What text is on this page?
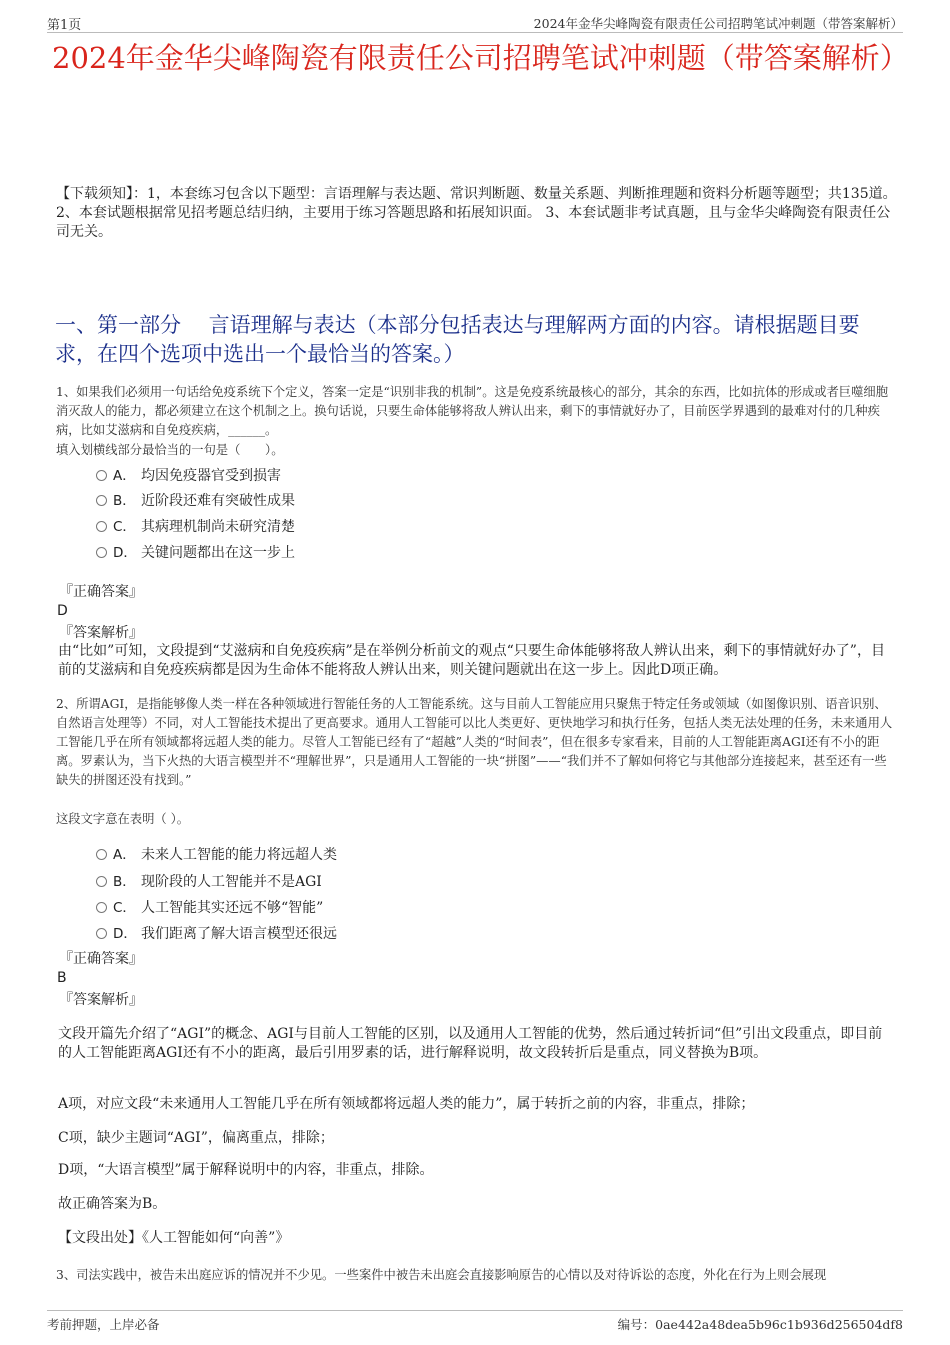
第1页	2024年金华尖峰陶瓷有限责任公司招聘笔试冲刺题（带答案解析）
2024年金华尖峰陶瓷有限责任公司招聘笔试冲刺题（带答案解析）
【下载须知】：1，本套练习包含以下题型：言语理解与表达题、常识判断题、数量关系题、判断推理题和资料分析题等题型；共135道。 2、本套试题根据常见招考题总结归纳，主要用于练习答题思路和拓展知识面。 3、本套试题非考试真题，且与金华尖峰陶瓷有限责任公司无关。
一、第一部分　 言语理解与表达（本部分包括表达与理解两方面的内容。请根据题目要求，在四个选项中选出一个最恰当的答案。）
1、如果我们必须用一句话给免疫系统下个定义，答案一定是“识别非我的机制”。这是免疫系统最核心的部分，其余的东西，比如抗体的形成或者巨噬细胞消灭敌人的能力，都必须建立在这个机制之上。换句话说，只要生命体能够将敌人辨认出来，剩下的事情就好办了，目前医学界遇到的最难对付的几种疾病，比如艾滋病和自免疫疾病，______。
填入划横线部分最恰当的一句是（　　）。
A． 均因免疫器官受到损害
B． 近阶段还难有突破性成果
C． 其病理机制尚未研究清楚
D． 关键问题都出在这一步上
『正确答案』
D
『答案解析』
由“比如”可知，文段提到“艾滋病和自免疫疾病”是在举例分析前文的观点“只要生命体能够将敌人辨认出来，剩下的事情就好办了”，目前的艾滋病和自免疫疾病都是因为生命体不能将敌人辨认出来，则关键问题就出在这一步上。因此D项正确。
2、所谓AGI，是指能够像人类一样在各种领域进行智能任务的人工智能系统。这与目前人工智能应用只聚焦于特定任务或领域（如图像识别、语音识别、自然语言处理等）不同，对人工智能技术提出了更高要求。通用人工智能可以比人类更好、更快地学习和执行任务，包括人类无法处理的任务，未来通用人工智能几乎在所有领域都将远超人类的能力。尽管人工智能已经有了“超越”人类的“时间表”，但在很多专家看来，目前的人工智能距离AGI还有不小的距离。罗素认为，当下火热的大语言模型并不“理解世界”，只是通用人工智能的一块“拼图”——“我们并不了解如何将它与其他部分连接起来，甚至还有一些缺失的拼图还没有找到。”
这段文字意在表明（ ）。
A． 未来人工智能的能力将远超人类
B． 现阶段的人工智能并不是AGI
C． 人工智能其实还远不够“智能”
D． 我们距离了解大语言模型还很远
『正确答案』
B
『答案解析』
文段开篇先介绍了“AGI”的概念、AGI与目前人工智能的区别，以及通用人工智能的优势，然后通过转折词“但”引出文段重点，即目前的人工智能距离AGI还有不小的距离，最后引用罗素的话，进行解释说明，故文段转折后是重点，同义替换为B项。
A项，对应文段“未来通用人工智能几乎在所有领域都将远超人类的能力”，属于转折之前的内容，非重点，排除；
C项，缺少主题词“AGI”，偏离重点，排除；
D项，“大语言模型”属于解释说明中的内容，非重点，排除。
故正确答案为B。
【文段出处】《人工智能如何“向善”》
3、司法实践中，被告未出庭应诉的情况并不少见。一些案件中被告未出庭会直接影响原告的心情以及对待诉讼的态度，外化在行为上则会展现
考前押题，上岸必备	编号：0ae442a48dea5b96c1b936d256504df8
